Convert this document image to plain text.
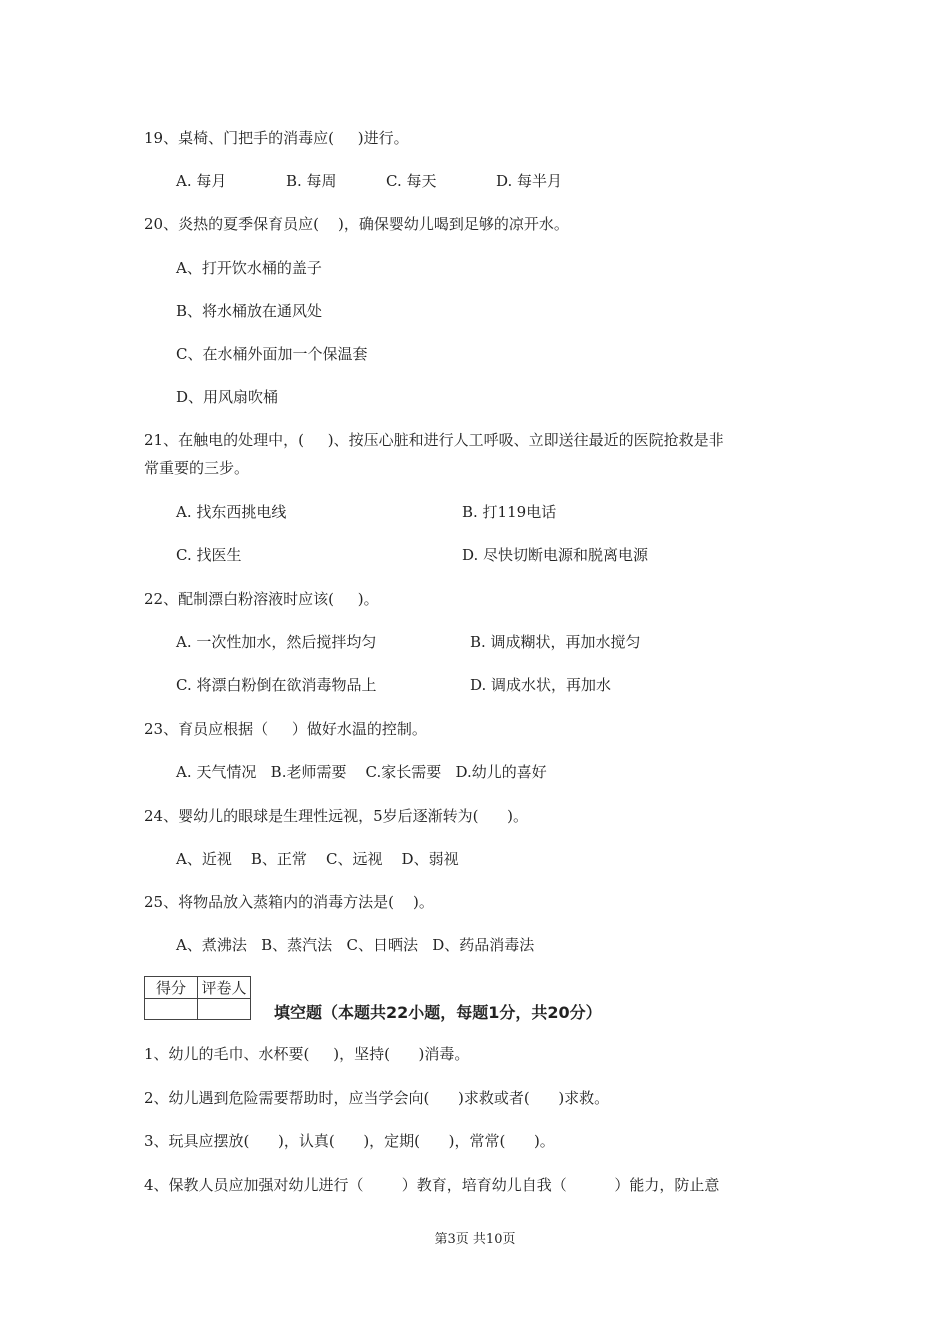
19、桌椅、门把手的消毒应(     )进行。
A. 每月	B. 每周	C. 每天	D. 每半月
20、炎热的夏季保育员应(    )，确保婴幼儿喝到足够的凉开水。
A、打开饮水桶的盖子
B、将水桶放在通风处
C、在水桶外面加一个保温套
D、用风扇吹桶
21、在触电的处理中，(     )、按压心脏和进行人工呼吸、立即送往最近的医院抢救是非
常重要的三步。
A. 找东西挑电线	B. 打119电话
C. 找医生	D. 尽快切断电源和脱离电源
22、配制漂白粉溶液时应该(     )。
A. 一次性加水，然后搅拌均匀	B. 调成糊状，再加水搅匀
C. 将漂白粉倒在欲消毒物品上	D. 调成水状，再加水
23、育员应根据（     ）做好水温的控制。
A. 天气情况   B.老师需要    C.家长需要   D.幼儿的喜好
24、婴幼儿的眼球是生理性远视，5岁后逐渐转为(      )。
A、近视    B、正常    C、远视    D、弱视
25、将物品放入蒸箱内的消毒方法是(    )。
A、煮沸法   B、蒸汽法   C、日晒法   D、药品消毒法
得分	评卷人

填空题（本题共22小题，每题1分，共20分）
1、幼儿的毛巾、水杯要(     )，坚持(      )消毒。
2、幼儿遇到危险需要帮助时，应当学会向(      )求救或者(      )求救。
3、玩具应摆放(      )，认真(      )，定期(      )，常常(      )。
4、保教人员应加强对幼儿进行（        ）教育，培育幼儿自我（          ）能力，防止意
第3页 共10页
